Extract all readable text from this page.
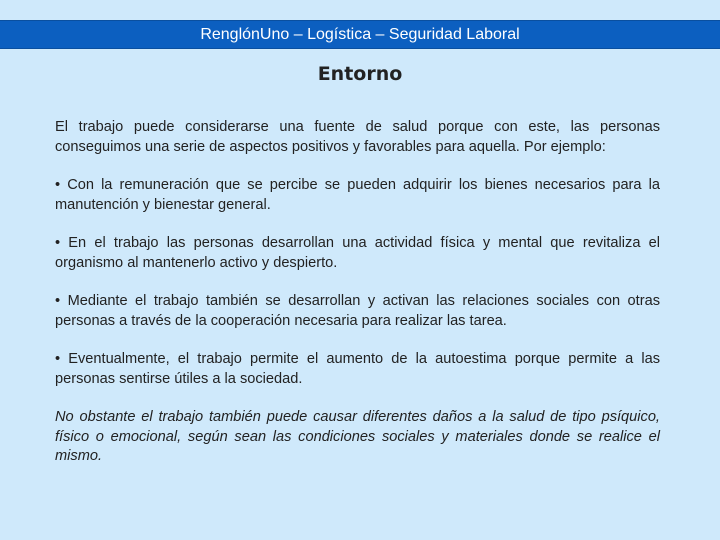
RenglónUno – Logística – Seguridad Laboral
Entorno

El trabajo puede considerarse una fuente de salud porque con este, las personas conseguimos una serie de aspectos positivos y favorables para aquella. Por ejemplo:

• Con la remuneración que se percibe se pueden adquirir los bienes necesarios para la manutención y bienestar general.

• En el trabajo las personas desarrollan una actividad física y mental que revitaliza el organismo al mantenerlo activo y despierto.

• Mediante el trabajo también se desarrollan y activan las relaciones sociales con otras personas a través de la cooperación necesaria para realizar las tarea.

• Eventualmente, el trabajo permite el aumento de la autoestima porque permite a las personas sentirse útiles a la sociedad.

No obstante el trabajo también puede causar diferentes daños a la salud de tipo psíquico, físico o emocional, según sean las condiciones sociales y materiales donde se realice el mismo.
